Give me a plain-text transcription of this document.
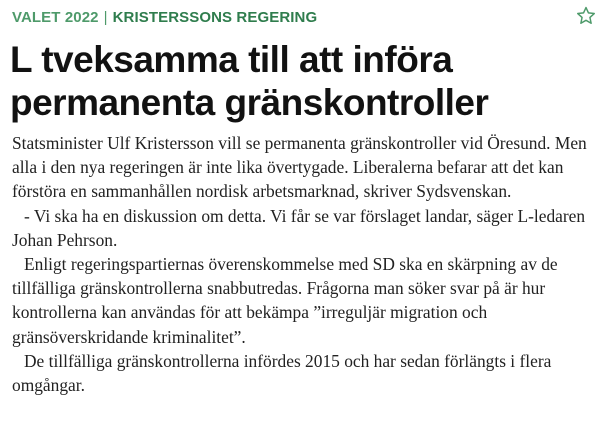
VALET 2022 | KRISTERSSONS REGERING
L tveksamma till att införa permanenta gränskontroller

Statsminister Ulf Kristersson vill se permanenta gränskontroller vid Öresund. Men alla i den nya regeringen är inte lika övertygade. Liberalerna befarar att det kan förstöra en sammanhållen nordisk arbetsmarknad, skriver Sydsvenskan.

- Vi ska ha en diskussion om detta. Vi får se var förslaget landar, säger L-ledaren Johan Pehrson.

Enligt regeringspartiernas överenskommelse med SD ska en skärpning av de tillfälliga gränskontrollerna snabbutredas. Frågorna man söker svar på är hur kontrollerna kan användas för att bekämpa ”irreguljär migration och gränsöverskridande kriminalitet”.

De tillfälliga gränskontrollerna infördes 2015 och har sedan förlängts i flera omgångar.
